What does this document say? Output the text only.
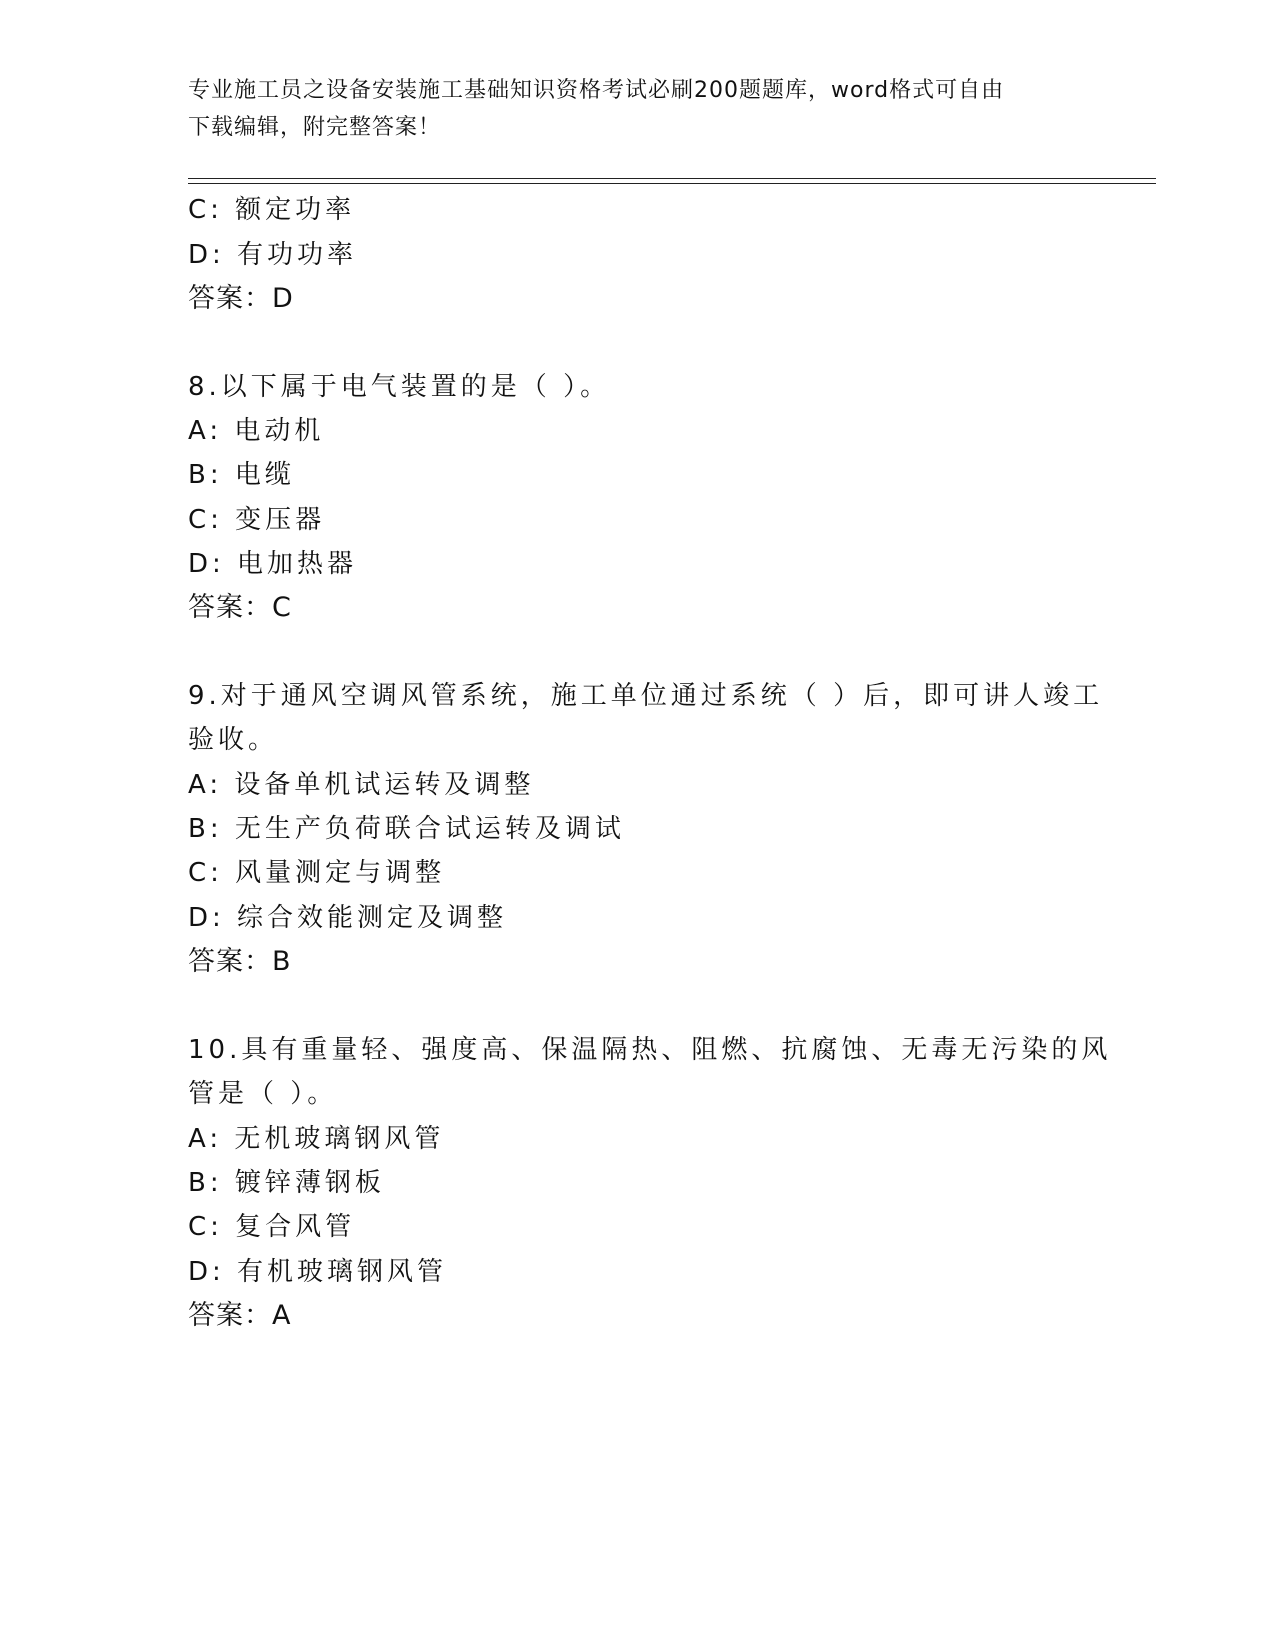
专业施工员之设备安装施工基础知识资格考试必刷200题题库，word格式可自由
下载编辑，附完整答案！
C: 额定功率
D: 有功功率
答案：D
8.以下属于电气装置的是（ ）。
A: 电动机
B: 电缆
C: 变压器
D: 电加热器
答案：C
9.对于通风空调风管系统，施工单位通过系统（ ）后，即可讲人竣工
验收。
A: 设备单机试运转及调整
B: 无生产负荷联合试运转及调试
C: 风量测定与调整
D: 综合效能测定及调整
答案：B
10.具有重量轻、强度高、保温隔热、阻燃、抗腐蚀、无毒无污染的风
管是（ ）。
A: 无机玻璃钢风管
B: 镀锌薄钢板
C: 复合风管
D: 有机玻璃钢风管
答案：A
